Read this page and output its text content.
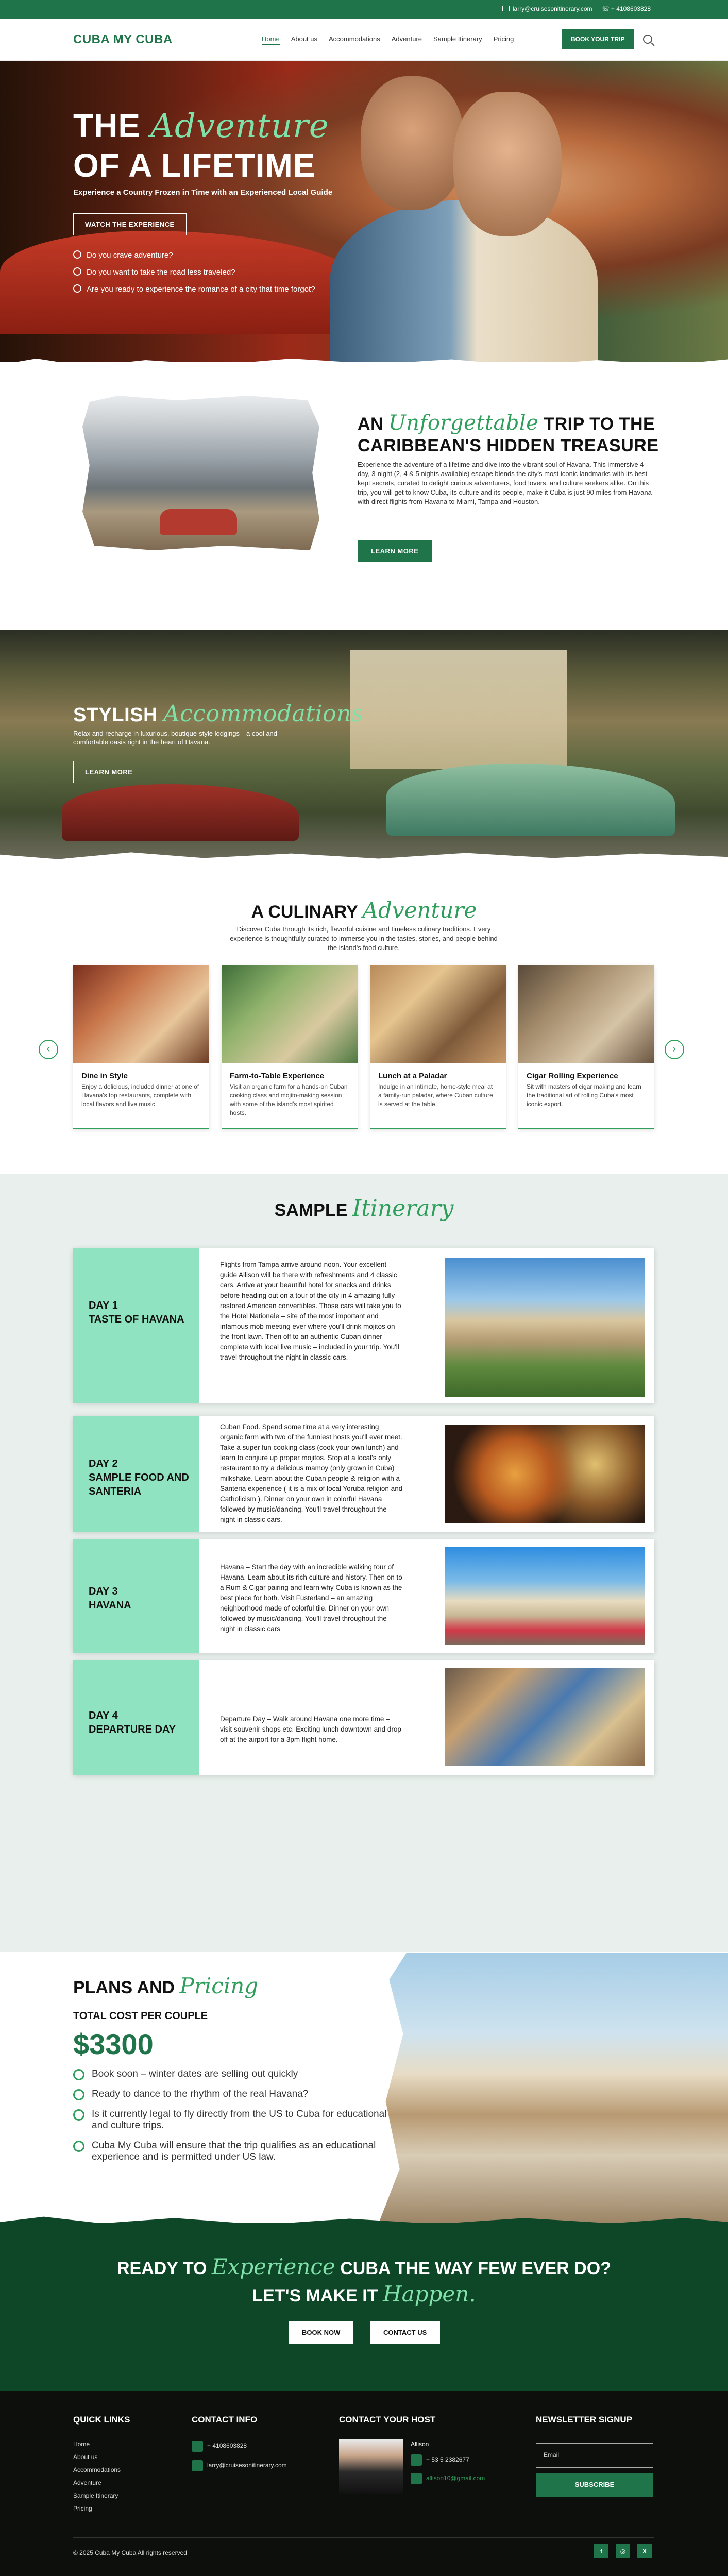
larry@cruisesonitinerary.com ☏ + 4108603828
CUBA MY CUBA	Home About us Accommodations Adventure Sample Itinerary Pricing	BOOK YOUR TRIP
THE Adventure
OF A LIFETIME
Experience a Country Frozen in Time with an Experienced Local Guide
WATCH THE EXPERIENCE
Do you crave adventure?
Do you want to take the road less traveled?
Are you ready to experience the romance of a city that time forgot?
AN Unforgettable TRIP TO THE
CARIBBEAN'S HIDDEN TREASURE

Experience the adventure of a lifetime and dive into the vibrant soul of Havana. This immersive 4-day, 3-night (2, 4 & 5 nights available) escape blends the city's most iconic landmarks with its best-kept secrets, curated to delight curious adventurers, food lovers, and culture seekers alike. On this trip, you will get to know Cuba, its culture and its people, make it Cuba is just 90 miles from Havana with direct flights from Havana to Miami, Tampa and Houston.

LEARN MORE
STYLISH Accommodations

Relax and recharge in luxurious, boutique-style lodgings—a cool and comfortable oasis right in the heart of Havana.

LEARN MORE
A CULINARY Adventure

Discover Cuba through its rich, flavorful cuisine and timeless culinary traditions. Every experience is thoughtfully curated to immerse you in the tastes, stories, and people behind the island's food culture.

‹	›
Dine in Style

Enjoy a delicious, included dinner at one of Havana's top restaurants, complete with local flavors and live music.

Farm-to-Table Experience

Visit an organic farm for a hands-on Cuban cooking class and mojito-making session with some of the island's most spirited hosts.

Lunch at a Paladar

Indulge in an intimate, home-style meal at a family-run paladar, where Cuban culture is served at the table.

Cigar Rolling Experience

Sit with masters of cigar making and learn the traditional art of rolling Cuba's most iconic export.

SAMPLE Itinerary
DAY 1
TASTE OF HAVANA
Flights from Tampa arrive around noon. Your excellent guide Allison will be there with refreshments and 4 classic cars. Arrive at your beautiful hotel for snacks and drinks before heading out on a tour of the city in 4 amazing fully restored American convertibles. Those cars will take you to the Hotel Nationale – site of the most important and infamous mob meeting ever where you'll drink mojitos on the front lawn. Then off to an authentic Cuban dinner complete with local live music – included in your trip. You'll travel throughout the night in classic cars.
DAY 2
SAMPLE FOOD AND SANTERIA
Cuban Food. Spend some time at a very interesting organic farm with two of the funniest hosts you'll ever meet. Take a super fun cooking class (cook your own lunch) and learn to conjure up proper mojitos. Stop at a local's only restaurant to try a delicious mamoy (only grown in Cuba) milkshake. Learn about the Cuban people & religion with a Santeria experience ( it is a mix of local Yoruba religion and Catholicism ). Dinner on your own in colorful Havana followed by music/dancing. You'll travel throughout the night in classic cars.
DAY 3
HAVANA
Havana – Start the day with an incredible walking tour of Havana. Learn about its rich culture and history. Then on to a Rum & Cigar pairing and learn why Cuba is known as the best place for both. Visit Fusterland – an amazing neighborhood made of colorful tile. Dinner on your own followed by music/dancing. You'll travel throughout the night in classic cars
DAY 4
DEPARTURE DAY
Departure Day – Walk around Havana one more time – visit souvenir shops etc. Exciting lunch downtown and drop off at the airport for a 3pm flight home.
PLANS AND Pricing
TOTAL COST PER COUPLE
$3300
Book soon – winter dates are selling out quickly
Ready to dance to the rhythm of the real Havana?
Is it currently legal to fly directly from the US to Cuba for educational and culture trips.
Cuba My Cuba will ensure that the trip qualifies as an educational experience and is permitted under US law.
READY TO Experience CUBA THE WAY FEW EVER DO?
LET'S MAKE IT Happen.
BOOK NOW	CONTACT US
QUICK LINKS
Home
About us
Accommodations
Adventure
Sample Itinerary
Pricing
CONTACT INFO
+ 4108603828
larry@cruisesonitinerary.com
CONTACT YOUR HOST
Allison
+ 53 5 2382677
allison10@gmail.com
NEWSLETTER SIGNUP
Email
SUBSCRIBE
© 2025 Cuba My Cuba All rights reserved	f	◎	X
